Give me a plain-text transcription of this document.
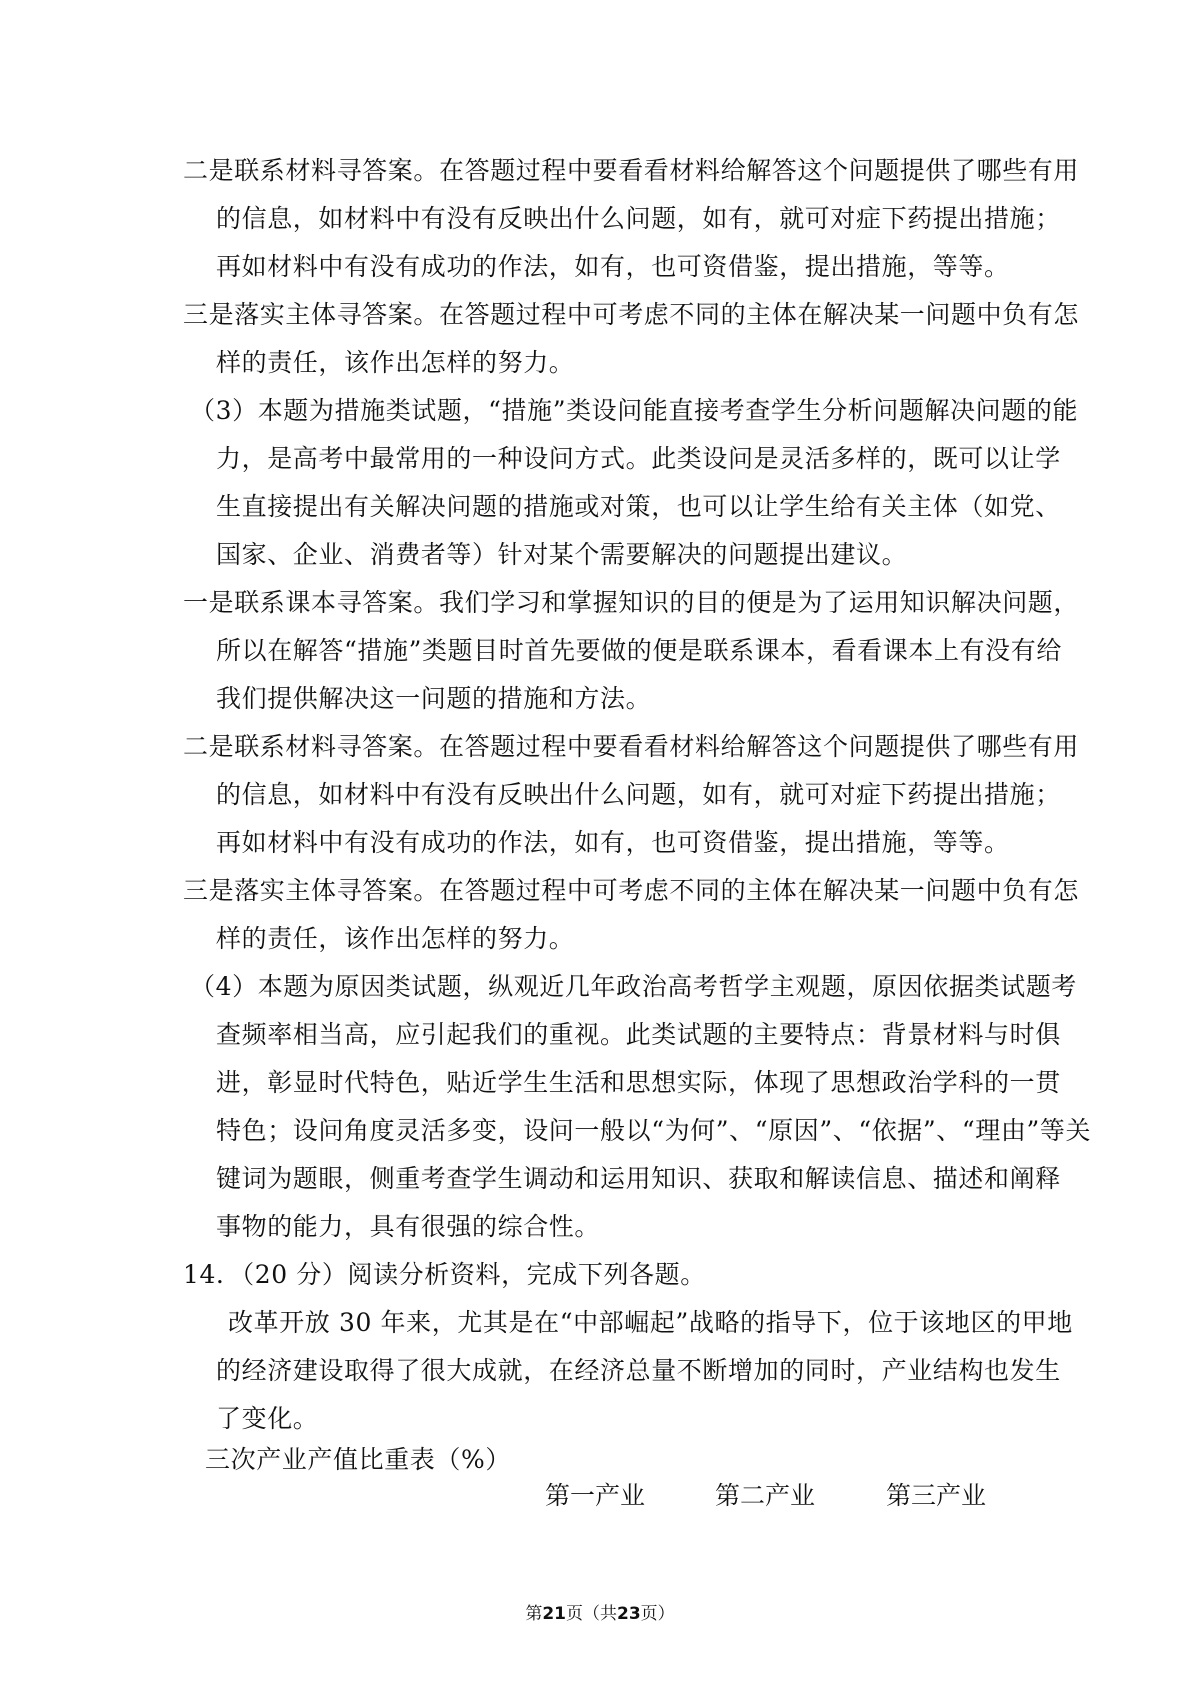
二是联系材料寻答案。在答题过程中要看看材料给解答这个问题提供了哪些有用
的信息，如材料中有没有反映出什么问题，如有，就可对症下药提出措施；
再如材料中有没有成功的作法，如有，也可资借鉴，提出措施，等等。
三是落实主体寻答案。在答题过程中可考虑不同的主体在解决某一问题中负有怎
样的责任，该作出怎样的努力。
（3）本题为措施类试题，“措施”类设问能直接考查学生分析问题解决问题的能
力，是高考中最常用的一种设问方式。此类设问是灵活多样的，既可以让学
生直接提出有关解决问题的措施或对策，也可以让学生给有关主体（如党、
国家、企业、消费者等）针对某个需要解决的问题提出建议。
一是联系课本寻答案。我们学习和掌握知识的目的便是为了运用知识解决问题，
所以在解答“措施”类题目时首先要做的便是联系课本，看看课本上有没有给
我们提供解决这一问题的措施和方法。
二是联系材料寻答案。在答题过程中要看看材料给解答这个问题提供了哪些有用
的信息，如材料中有没有反映出什么问题，如有，就可对症下药提出措施；
再如材料中有没有成功的作法，如有，也可资借鉴，提出措施，等等。
三是落实主体寻答案。在答题过程中可考虑不同的主体在解决某一问题中负有怎
样的责任，该作出怎样的努力。
（4）本题为原因类试题，纵观近几年政治高考哲学主观题，原因依据类试题考
查频率相当高，应引起我们的重视。此类试题的主要特点：背景材料与时俱
进，彰显时代特色，贴近学生生活和思想实际，体现了思想政治学科的一贯
特色；设问角度灵活多变，设问一般以“为何”、“原因”、“依据”、“理由”等关
键词为题眼，侧重考查学生调动和运用知识、获取和解读信息、描述和阐释
事物的能力，具有很强的综合性。
14．（20 分）阅读分析资料，完成下列各题。
改革开放 30 年来，尤其是在“中部崛起”战略的指导下，位于该地区的甲地
的经济建设取得了很大成就，在经济总量不断增加的同时，产业结构也发生
了变化。
三次产业产值比重表（%）
第一产业	第二产业	第三产业
第21页（共23页）
